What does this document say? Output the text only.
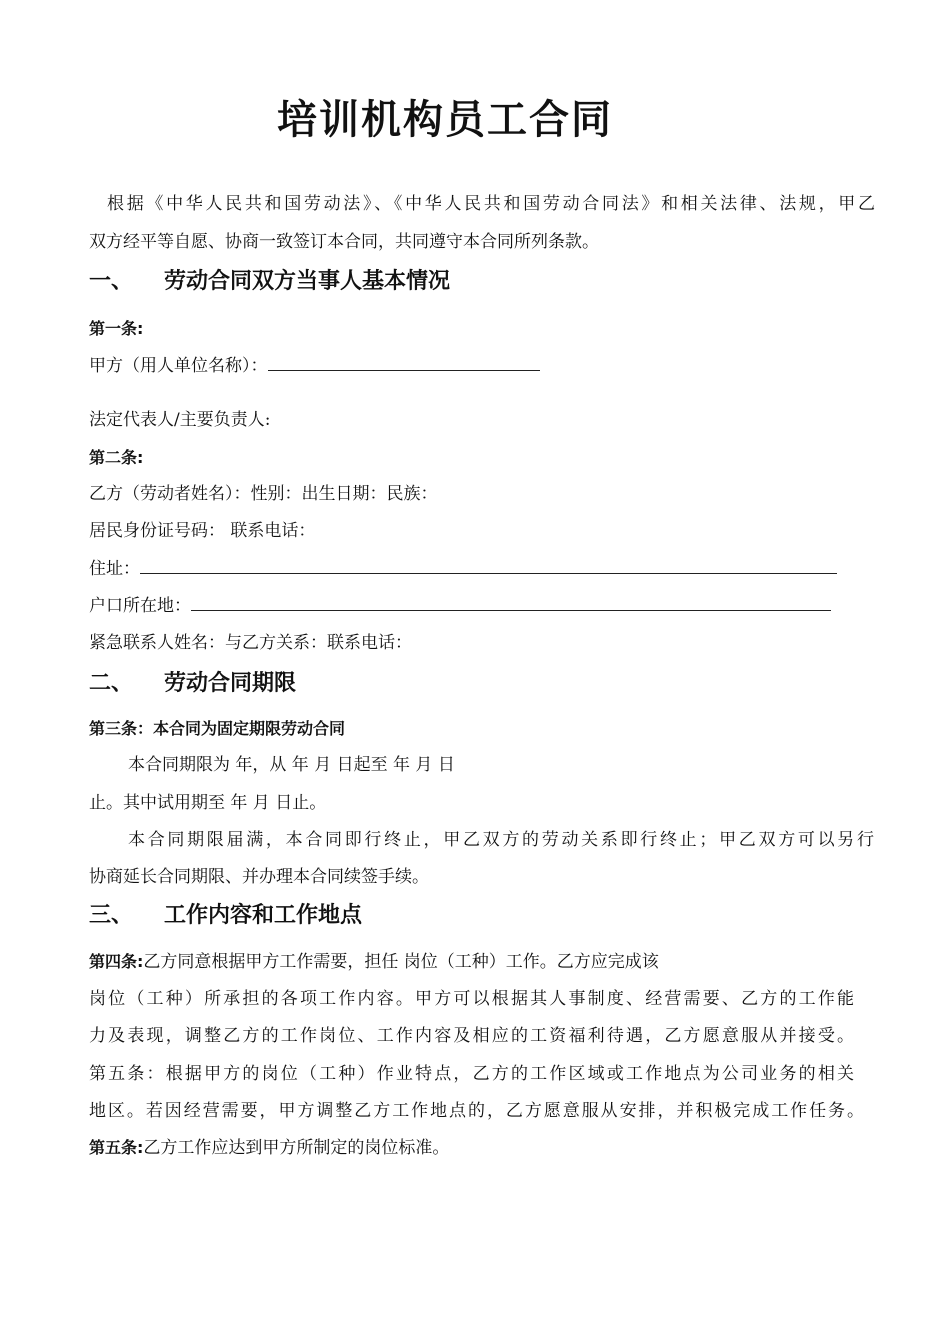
培训机构员工合同
根据《中华人民共和国劳动法》、《中华人民共和国劳动合同法》和相关法律、法规，甲乙
双方经平等自愿、协商一致签订本合同，共同遵守本合同所列条款。
一、 劳动合同双方当事人基本情况
第一条:
甲方（用人单位名称）：
法定代表人/主要负责人:
第二条:
乙方（劳动者姓名）：性别：出生日期：民族：
居民身份证号码： 联系电话：
住址：
户口所在地：
紧急联系人姓名：与乙方关系：联系电话：
二、 劳动合同期限
第三条：本合同为固定期限劳动合同
本合同期限为 年，从 年 月 日起至 年 月 日
止。其中试用期至 年 月 日止。
本合同期限届满，本合同即行终止，甲乙双方的劳动关系即行终止；甲乙双方可以另行
协商延长合同期限、并办理本合同续签手续。
三、 工作内容和工作地点
第四条:乙方同意根据甲方工作需要，担任 岗位（工种）工作。乙方应完成该
岗位（工种）所承担的各项工作内容。甲方可以根据其人事制度、经营需要、乙方的工作能
力及表现，调整乙方的工作岗位、工作内容及相应的工资福利待遇，乙方愿意服从并接受。
第五条：根据甲方的岗位（工种）作业特点，乙方的工作区域或工作地点为公司业务的相关
地区。若因经营需要，甲方调整乙方工作地点的，乙方愿意服从安排，并积极完成工作任务。
第五条:乙方工作应达到甲方所制定的岗位标准。
